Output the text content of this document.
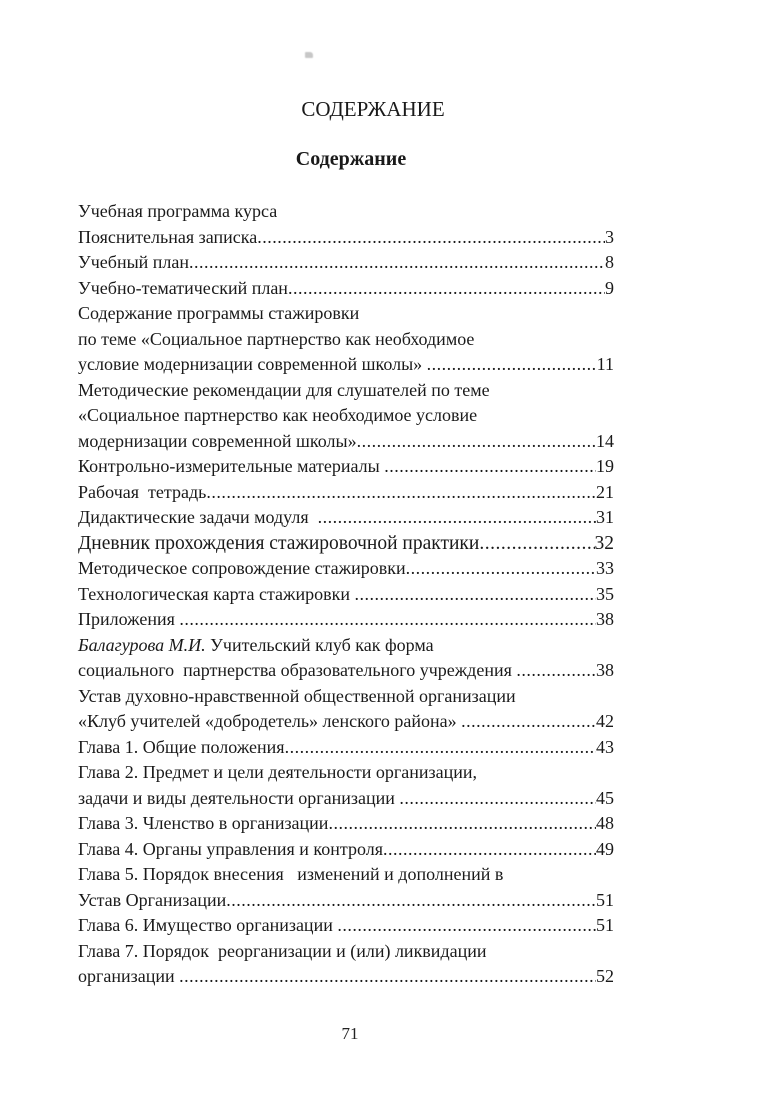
СОДЕРЖАНИЕ
Содержание
Учебная программа курса
Пояснительная записка .....	3
Учебный план .....	8
Учебно-тематический план .....	9
Содержание программы стажировки
по теме «Социальное партнерство как необходимое
условие модернизации современной школы» .....	11
Методические рекомендации для слушателей по теме
«Социальное партнерство как необходимое условие
модернизации современной школы» .....	14
Контрольно-измерительные материалы .....	19
Рабочая  тетрадь .....	21
Дидактические задачи модуля .....	31
Дневник прохождения стажировочной практики .....	32
Методическое сопровождение стажировки .....	33
Технологическая карта стажировки .....	35
Приложения .....	38
Балагурова М.И. Учительский клуб как форма
социального  партнерства образовательного учреждения .....	38
Устав духовно-нравственной общественной организации
«Клуб учителей «добродетель» ленского района» .....	42
Глава 1. Общие положения .....	43
Глава 2. Предмет и цели деятельности организации,
задачи и виды деятельности организации .....	45
Глава 3. Членство в организации .....	48
Глава 4. Органы управления и контроля .....	49
Глава 5. Порядок внесения   изменений и дополнений в
Устав Организации .....	51
Глава 6. Имущество организации .....	51
Глава 7. Порядок  реорганизации и (или) ликвидации
организации .....	52
71
